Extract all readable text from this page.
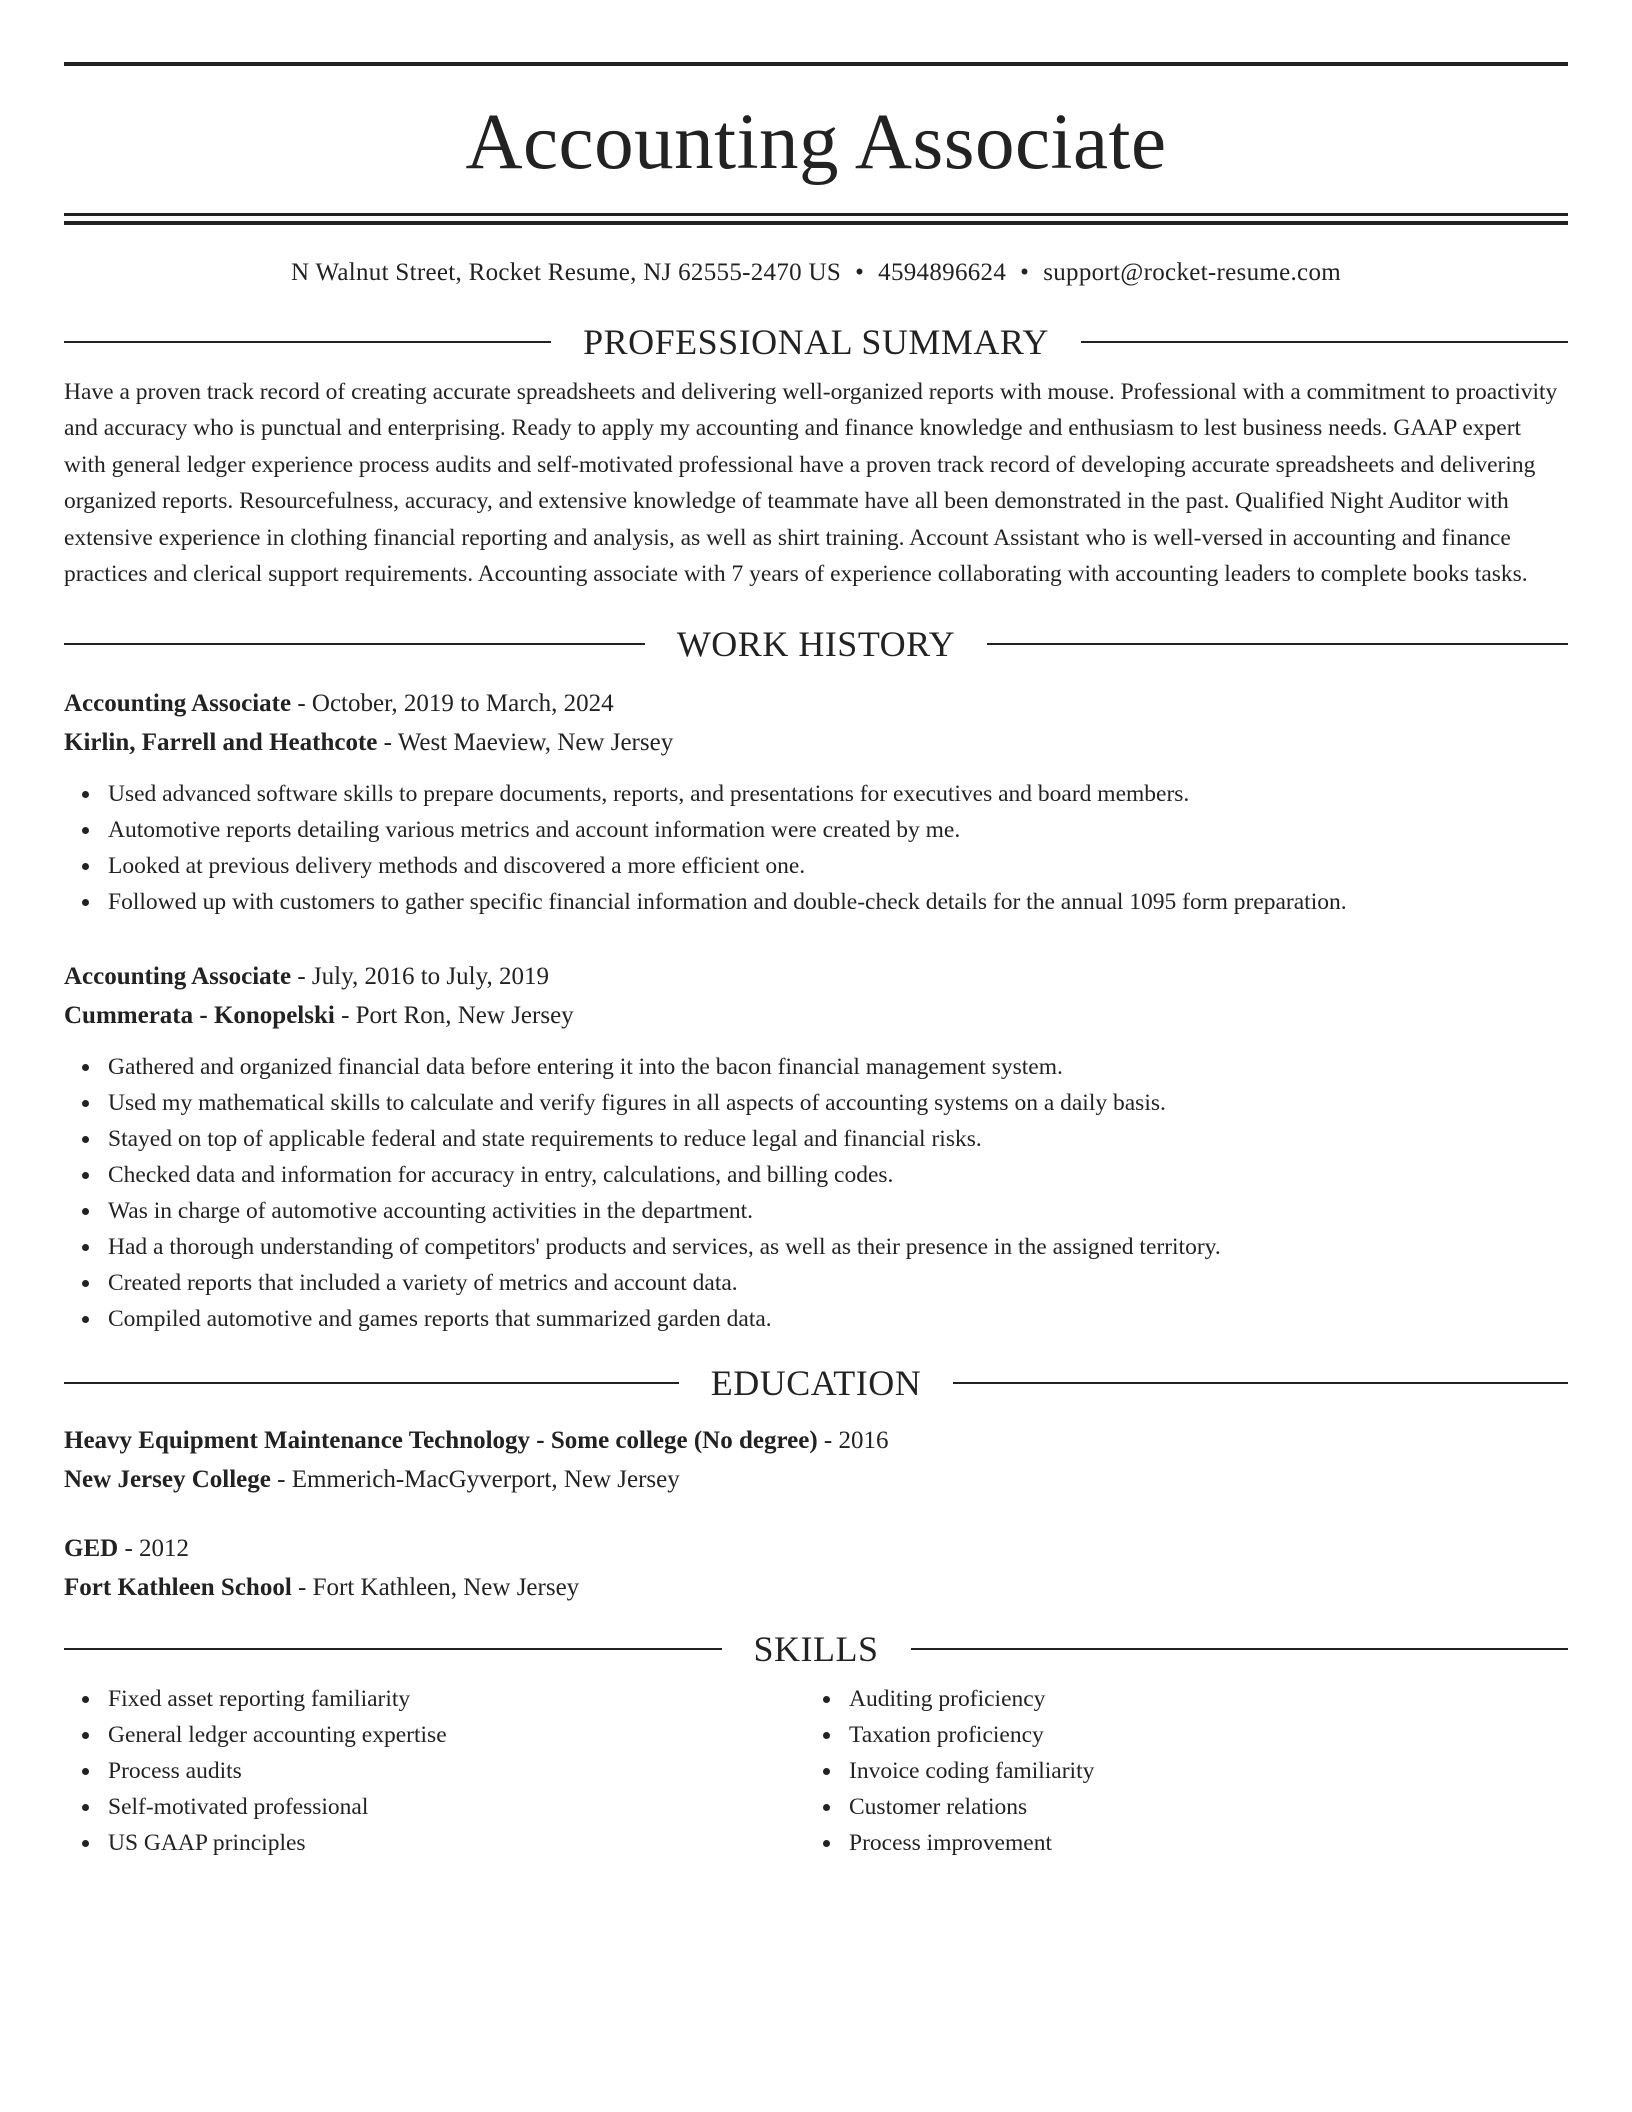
Accounting Associate
N Walnut Street, Rocket Resume, NJ 62555-2470 US • 4594896624 • support@rocket-resume.com
PROFESSIONAL SUMMARY
Have a proven track record of creating accurate spreadsheets and delivering well-organized reports with mouse. Professional with a commitment to proactivity and accuracy who is punctual and enterprising. Ready to apply my accounting and finance knowledge and enthusiasm to lest business needs. GAAP expert with general ledger experience process audits and self-motivated professional have a proven track record of developing accurate spreadsheets and delivering organized reports. Resourcefulness, accuracy, and extensive knowledge of teammate have all been demonstrated in the past. Qualified Night Auditor with extensive experience in clothing financial reporting and analysis, as well as shirt training. Account Assistant who is well-versed in accounting and finance practices and clerical support requirements. Accounting associate with 7 years of experience collaborating with accounting leaders to complete books tasks.
WORK HISTORY
Accounting Associate - October, 2019 to March, 2024
Kirlin, Farrell and Heathcote - West Maeview, New Jersey
Used advanced software skills to prepare documents, reports, and presentations for executives and board members.
Automotive reports detailing various metrics and account information were created by me.
Looked at previous delivery methods and discovered a more efficient one.
Followed up with customers to gather specific financial information and double-check details for the annual 1095 form preparation.
Accounting Associate - July, 2016 to July, 2019
Cummerata - Konopelski - Port Ron, New Jersey
Gathered and organized financial data before entering it into the bacon financial management system.
Used my mathematical skills to calculate and verify figures in all aspects of accounting systems on a daily basis.
Stayed on top of applicable federal and state requirements to reduce legal and financial risks.
Checked data and information for accuracy in entry, calculations, and billing codes.
Was in charge of automotive accounting activities in the department.
Had a thorough understanding of competitors' products and services, as well as their presence in the assigned territory.
Created reports that included a variety of metrics and account data.
Compiled automotive and games reports that summarized garden data.
EDUCATION
Heavy Equipment Maintenance Technology - Some college (No degree) - 2016
New Jersey College - Emmerich-MacGyverport, New Jersey
GED - 2012
Fort Kathleen School - Fort Kathleen, New Jersey
SKILLS
Fixed asset reporting familiarity
General ledger accounting expertise
Process audits
Self-motivated professional
US GAAP principles
Auditing proficiency
Taxation proficiency
Invoice coding familiarity
Customer relations
Process improvement
